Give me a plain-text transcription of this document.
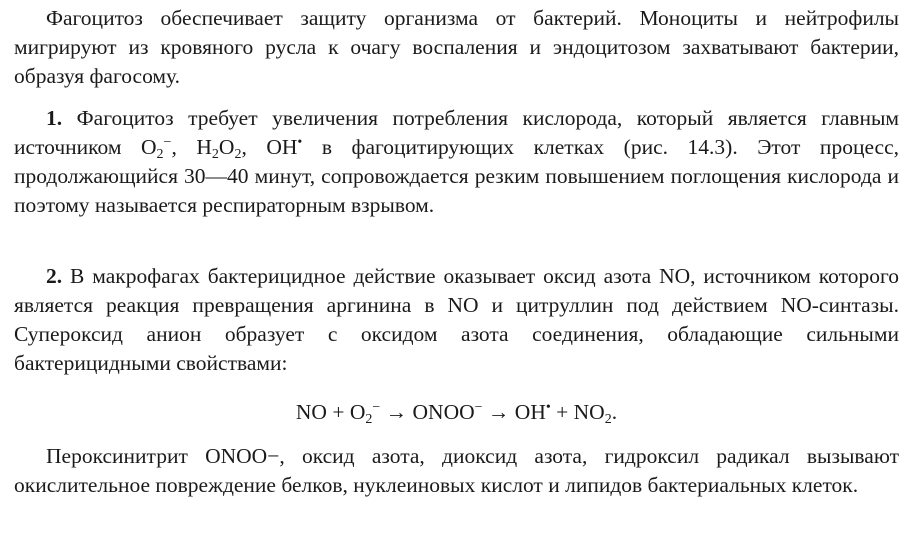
Фагоцитоз обеспечивает защиту организма от бактерий. Моноциты и нейтрофилы мигрируют из кровяного русла к очагу воспаления и эндоцитозом захватывают бактерии, образуя фагосому.

1. Фагоцитоз требует увеличения потребления кислорода, который является главным источником $O_2^-$, $H_2O_2$, OH• в фагоцитирующих клетках (рис. 14.3). Этот процесс, продолжающийся 30—40 минут, сопровождается резким повышением поглощения кислорода и поэтому называется респираторным взрывом.

2. В макрофагах бактерицидное действие оказывает оксид азота NO, источником которого является реакция превращения аргинина в NO и цитруллин под действием NO-синтазы. Супероксид анион образует с оксидом азота соединения, обладающие сильными бактерицидными свойствами:

NO + $O_2^-$ → ONOO− → $OH^• + NO_2$.

Пероксинитрит ONOO−, оксид азота, диоксид азота, гидроксил радикал вызывают окислительное повреждение белков, нуклеиновых кислот и липидов бактериальных клеток.
